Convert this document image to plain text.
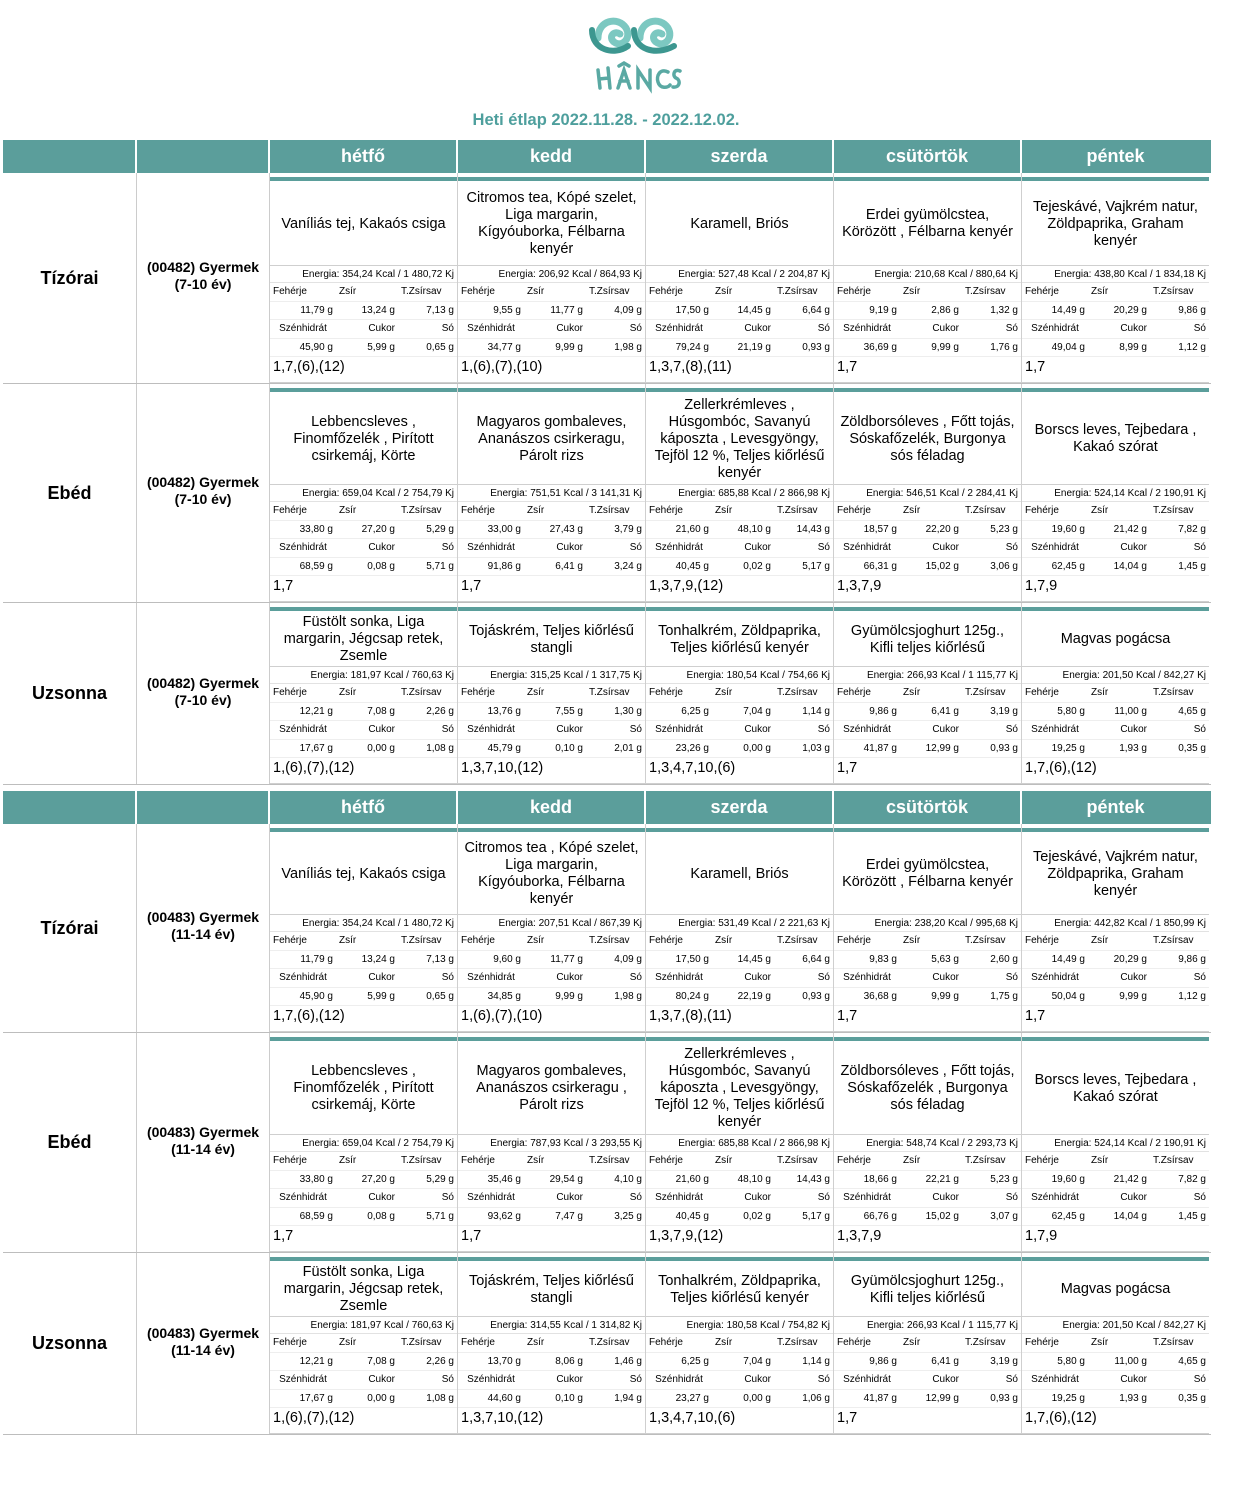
Heti étlap 2022.11.28. - 2022.12.02.
hétfő	kedd	szerda	csütörtök	péntek
Tízórai
(00482) Gyermek
(7-10 év)
Vaníliás tej, Kakaós csiga
Energia: 354,24 Kcal / 1 480,72 Kj
Fehérje	Zsír	T.Zsírsav
11,79 g	13,24 g	7,13 g
Szénhidrát	Cukor	Só
45,90 g	5,99 g	0,65 g
1,7,(6),(12)
Citromos tea, Kópé szelet, Liga margarin, Kígyóuborka, Félbarna kenyér
Energia: 206,92 Kcal / 864,93 Kj
Fehérje	Zsír	T.Zsírsav
9,55 g	11,77 g	4,09 g
Szénhidrát	Cukor	Só
34,77 g	9,99 g	1,98 g
1,(6),(7),(10)
Karamell, Briós
Energia: 527,48 Kcal / 2 204,87 Kj
Fehérje	Zsír	T.Zsírsav
17,50 g	14,45 g	6,64 g
Szénhidrát	Cukor	Só
79,24 g	21,19 g	0,93 g
1,3,7,(8),(11)
Erdei gyümölcstea, Körözött , Félbarna kenyér
Energia: 210,68 Kcal / 880,64 Kj
Fehérje	Zsír	T.Zsírsav
9,19 g	2,86 g	1,32 g
Szénhidrát	Cukor	Só
36,69 g	9,99 g	1,76 g
1,7
Tejeskávé, Vajkrém natur, Zöldpaprika, Graham kenyér
Energia: 438,80 Kcal / 1 834,18 Kj
Fehérje	Zsír	T.Zsírsav
14,49 g	20,29 g	9,86 g
Szénhidrát	Cukor	Só
49,04 g	8,99 g	1,12 g
1,7
Ebéd
(00482) Gyermek
(7-10 év)
Lebbencsleves , Finomfőzelék , Pirított csirkemáj, Körte
Energia: 659,04 Kcal / 2 754,79 Kj
Fehérje	Zsír	T.Zsírsav
33,80 g	27,20 g	5,29 g
Szénhidrát	Cukor	Só
68,59 g	0,08 g	5,71 g
1,7
Magyaros gombaleves, Ananászos csirkeragu, Párolt rizs
Energia: 751,51 Kcal / 3 141,31 Kj
Fehérje	Zsír	T.Zsírsav
33,00 g	27,43 g	3,79 g
Szénhidrát	Cukor	Só
91,86 g	6,41 g	3,24 g
1,7
Zellerkrémleves , Húsgombóc, Savanyú káposzta , Levesgyöngy, Tejföl 12 %, Teljes kiőrlésű kenyér
Energia: 685,88 Kcal / 2 866,98 Kj
Fehérje	Zsír	T.Zsírsav
21,60 g	48,10 g	14,43 g
Szénhidrát	Cukor	Só
40,45 g	0,02 g	5,17 g
1,3,7,9,(12)
Zöldborsóleves , Főtt tojás, Sóskafőzelék, Burgonya sós féladag
Energia: 546,51 Kcal / 2 284,41 Kj
Fehérje	Zsír	T.Zsírsav
18,57 g	22,20 g	5,23 g
Szénhidrát	Cukor	Só
66,31 g	15,02 g	3,06 g
1,3,7,9
Borscs leves, Tejbedara , Kakaó szórat
Energia: 524,14 Kcal / 2 190,91 Kj
Fehérje	Zsír	T.Zsírsav
19,60 g	21,42 g	7,82 g
Szénhidrát	Cukor	Só
62,45 g	14,04 g	1,45 g
1,7,9
Uzsonna
(00482) Gyermek
(7-10 év)
Füstölt sonka, Liga margarin, Jégcsap retek, Zsemle
Energia: 181,97 Kcal / 760,63 Kj
Fehérje	Zsír	T.Zsírsav
12,21 g	7,08 g	2,26 g
Szénhidrát	Cukor	Só
17,67 g	0,00 g	1,08 g
1,(6),(7),(12)
Tojáskrém, Teljes kiőrlésű stangli
Energia: 315,25 Kcal / 1 317,75 Kj
Fehérje	Zsír	T.Zsírsav
13,76 g	7,55 g	1,30 g
Szénhidrát	Cukor	Só
45,79 g	0,10 g	2,01 g
1,3,7,10,(12)
Tonhalkrém, Zöldpaprika, Teljes kiőrlésű kenyér
Energia: 180,54 Kcal / 754,66 Kj
Fehérje	Zsír	T.Zsírsav
6,25 g	7,04 g	1,14 g
Szénhidrát	Cukor	Só
23,26 g	0,00 g	1,03 g
1,3,4,7,10,(6)
Gyümölcsjoghurt 125g., Kifli teljes kiőrlésű
Energia: 266,93 Kcal / 1 115,77 Kj
Fehérje	Zsír	T.Zsírsav
9,86 g	6,41 g	3,19 g
Szénhidrát	Cukor	Só
41,87 g	12,99 g	0,93 g
1,7
Magvas pogácsa
Energia: 201,50 Kcal / 842,27 Kj
Fehérje	Zsír	T.Zsírsav
5,80 g	11,00 g	4,65 g
Szénhidrát	Cukor	Só
19,25 g	1,93 g	0,35 g
1,7,(6),(12)
hétfő	kedd	szerda	csütörtök	péntek
Tízórai
(00483) Gyermek
(11-14 év)
Vaníliás tej, Kakaós csiga
Energia: 354,24 Kcal / 1 480,72 Kj
Fehérje	Zsír	T.Zsírsav
11,79 g	13,24 g	7,13 g
Szénhidrát	Cukor	Só
45,90 g	5,99 g	0,65 g
1,7,(6),(12)
Citromos tea , Kópé szelet, Liga margarin, Kígyóuborka, Félbarna kenyér
Energia: 207,51 Kcal / 867,39 Kj
Fehérje	Zsír	T.Zsírsav
9,60 g	11,77 g	4,09 g
Szénhidrát	Cukor	Só
34,85 g	9,99 g	1,98 g
1,(6),(7),(10)
Karamell, Briós
Energia: 531,49 Kcal / 2 221,63 Kj
Fehérje	Zsír	T.Zsírsav
17,50 g	14,45 g	6,64 g
Szénhidrát	Cukor	Só
80,24 g	22,19 g	0,93 g
1,3,7,(8),(11)
Erdei gyümölcstea, Körözött , Félbarna kenyér
Energia: 238,20 Kcal / 995,68 Kj
Fehérje	Zsír	T.Zsírsav
9,83 g	5,63 g	2,60 g
Szénhidrát	Cukor	Só
36,68 g	9,99 g	1,75 g
1,7
Tejeskávé, Vajkrém natur, Zöldpaprika, Graham kenyér
Energia: 442,82 Kcal / 1 850,99 Kj
Fehérje	Zsír	T.Zsírsav
14,49 g	20,29 g	9,86 g
Szénhidrát	Cukor	Só
50,04 g	9,99 g	1,12 g
1,7
Ebéd
(00483) Gyermek
(11-14 év)
Lebbencsleves , Finomfőzelék , Pirított csirkemáj, Körte
Energia: 659,04 Kcal / 2 754,79 Kj
Fehérje	Zsír	T.Zsírsav
33,80 g	27,20 g	5,29 g
Szénhidrát	Cukor	Só
68,59 g	0,08 g	5,71 g
1,7
Magyaros gombaleves, Ananászos csirkeragu , Párolt rizs
Energia: 787,93 Kcal / 3 293,55 Kj
Fehérje	Zsír	T.Zsírsav
35,46 g	29,54 g	4,10 g
Szénhidrát	Cukor	Só
93,62 g	7,47 g	3,25 g
1,7
Zellerkrémleves , Húsgombóc, Savanyú káposzta , Levesgyöngy, Tejföl 12 %, Teljes kiőrlésű kenyér
Energia: 685,88 Kcal / 2 866,98 Kj
Fehérje	Zsír	T.Zsírsav
21,60 g	48,10 g	14,43 g
Szénhidrát	Cukor	Só
40,45 g	0,02 g	5,17 g
1,3,7,9,(12)
Zöldborsóleves , Főtt tojás, Sóskafőzelék , Burgonya sós féladag
Energia: 548,74 Kcal / 2 293,73 Kj
Fehérje	Zsír	T.Zsírsav
18,66 g	22,21 g	5,23 g
Szénhidrát	Cukor	Só
66,76 g	15,02 g	3,07 g
1,3,7,9
Borscs leves, Tejbedara , Kakaó szórat
Energia: 524,14 Kcal / 2 190,91 Kj
Fehérje	Zsír	T.Zsírsav
19,60 g	21,42 g	7,82 g
Szénhidrát	Cukor	Só
62,45 g	14,04 g	1,45 g
1,7,9
Uzsonna
(00483) Gyermek
(11-14 év)
Füstölt sonka, Liga margarin, Jégcsap retek, Zsemle
Energia: 181,97 Kcal / 760,63 Kj
Fehérje	Zsír	T.Zsírsav
12,21 g	7,08 g	2,26 g
Szénhidrát	Cukor	Só
17,67 g	0,00 g	1,08 g
1,(6),(7),(12)
Tojáskrém, Teljes kiőrlésű stangli
Energia: 314,55 Kcal / 1 314,82 Kj
Fehérje	Zsír	T.Zsírsav
13,70 g	8,06 g	1,46 g
Szénhidrát	Cukor	Só
44,60 g	0,10 g	1,94 g
1,3,7,10,(12)
Tonhalkrém, Zöldpaprika, Teljes kiőrlésű kenyér
Energia: 180,58 Kcal / 754,82 Kj
Fehérje	Zsír	T.Zsírsav
6,25 g	7,04 g	1,14 g
Szénhidrát	Cukor	Só
23,27 g	0,00 g	1,06 g
1,3,4,7,10,(6)
Gyümölcsjoghurt 125g., Kifli teljes kiőrlésű
Energia: 266,93 Kcal / 1 115,77 Kj
Fehérje	Zsír	T.Zsírsav
9,86 g	6,41 g	3,19 g
Szénhidrát	Cukor	Só
41,87 g	12,99 g	0,93 g
1,7
Magvas pogácsa
Energia: 201,50 Kcal / 842,27 Kj
Fehérje	Zsír	T.Zsírsav
5,80 g	11,00 g	4,65 g
Szénhidrát	Cukor	Só
19,25 g	1,93 g	0,35 g
1,7,(6),(12)
